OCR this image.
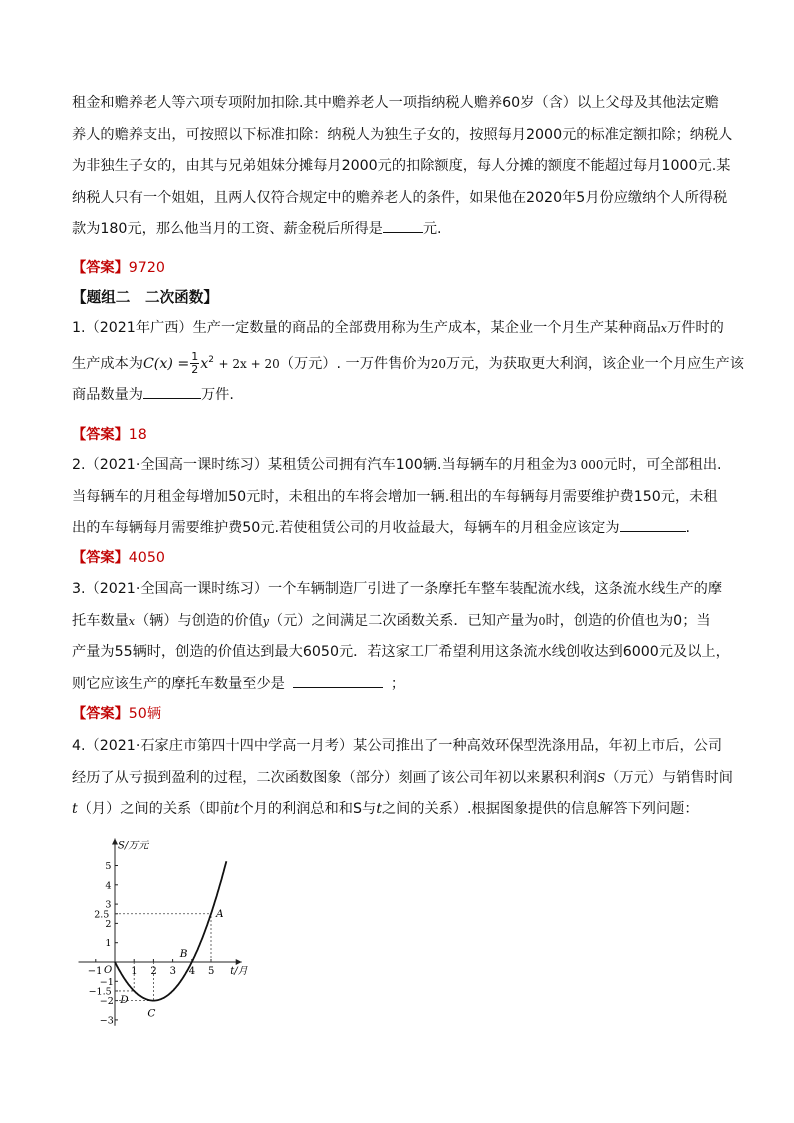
租金和赡养老人等六项专项附加扣除.其中赡养老人一项指纳税人赡养60岁（含）以上父母及其他法定赡
养人的赡养支出，可按照以下标准扣除：纳税人为独生子女的，按照每月2000元的标准定额扣除；纳税人
为非独生子女的，由其与兄弟姐妹分摊每月2000元的扣除额度，每人分摊的额度不能超过每月1000元.某
纳税人只有一个姐姐，且两人仅符合规定中的赡养老人的条件，如果他在2020年5月份应缴纳个人所得税
款为180元，那么他当月的工资、薪金税后所得是	元.
【答案】9720
【题组二　二次函数】
1.（2021年广西）生产一定数量的商品的全部费用称为生产成本，某企业一个月生产某种商品x万件时的
生产成本为$C(x) = \frac{1}{2} x^2 + 2x + 20$（万元）. 一万件售价为20万元，为获取更大利润，该企业一个月应生产该
商品数量为	万件.
【答案】18
2.（2021·全国高一课时练习）某租赁公司拥有汽车100辆.当每辆车的月租金为3 000元时，可全部租出.
当每辆车的月租金每增加50元时，未租出的车将会增加一辆.租出的车每辆每月需要维护费150元，未租
出的车每辆每月需要维护费50元.若使租赁公司的月收益最大，每辆车的月租金应该定为	.
【答案】4050
3.（2021·全国高一课时练习）一个车辆制造厂引进了一条摩托车整车装配流水线，这条流水线生产的摩
托车数量x（辆）与创造的价值y（元）之间满足二次函数关系．已知产量为0时，创造的价值也为0；当
产量为55辆时，创造的价值达到最大6050元．若这家工厂希望利用这条流水线创收达到6000元及以上，
则它应该生产的摩托车数量至少是	；
【答案】50辆
4.（2021·石家庄市第四十四中学高一月考）某公司推出了一种高效环保型洗涤用品，年初上市后，公司
经历了从亏损到盈利的过程，二次函数图象（部分）刻画了该公司年初以来累积利润S（万元）与销售时间
t（月）之间的关系（即前t个月的利润总和和S与t之间的关系）.根据图象提供的信息解答下列问题：
S/万元
t/月
O
−1	1 2 3 4 5
5
4
3
2.5
2
1
−1
−1.5
−2
−3
A
B
C
D
